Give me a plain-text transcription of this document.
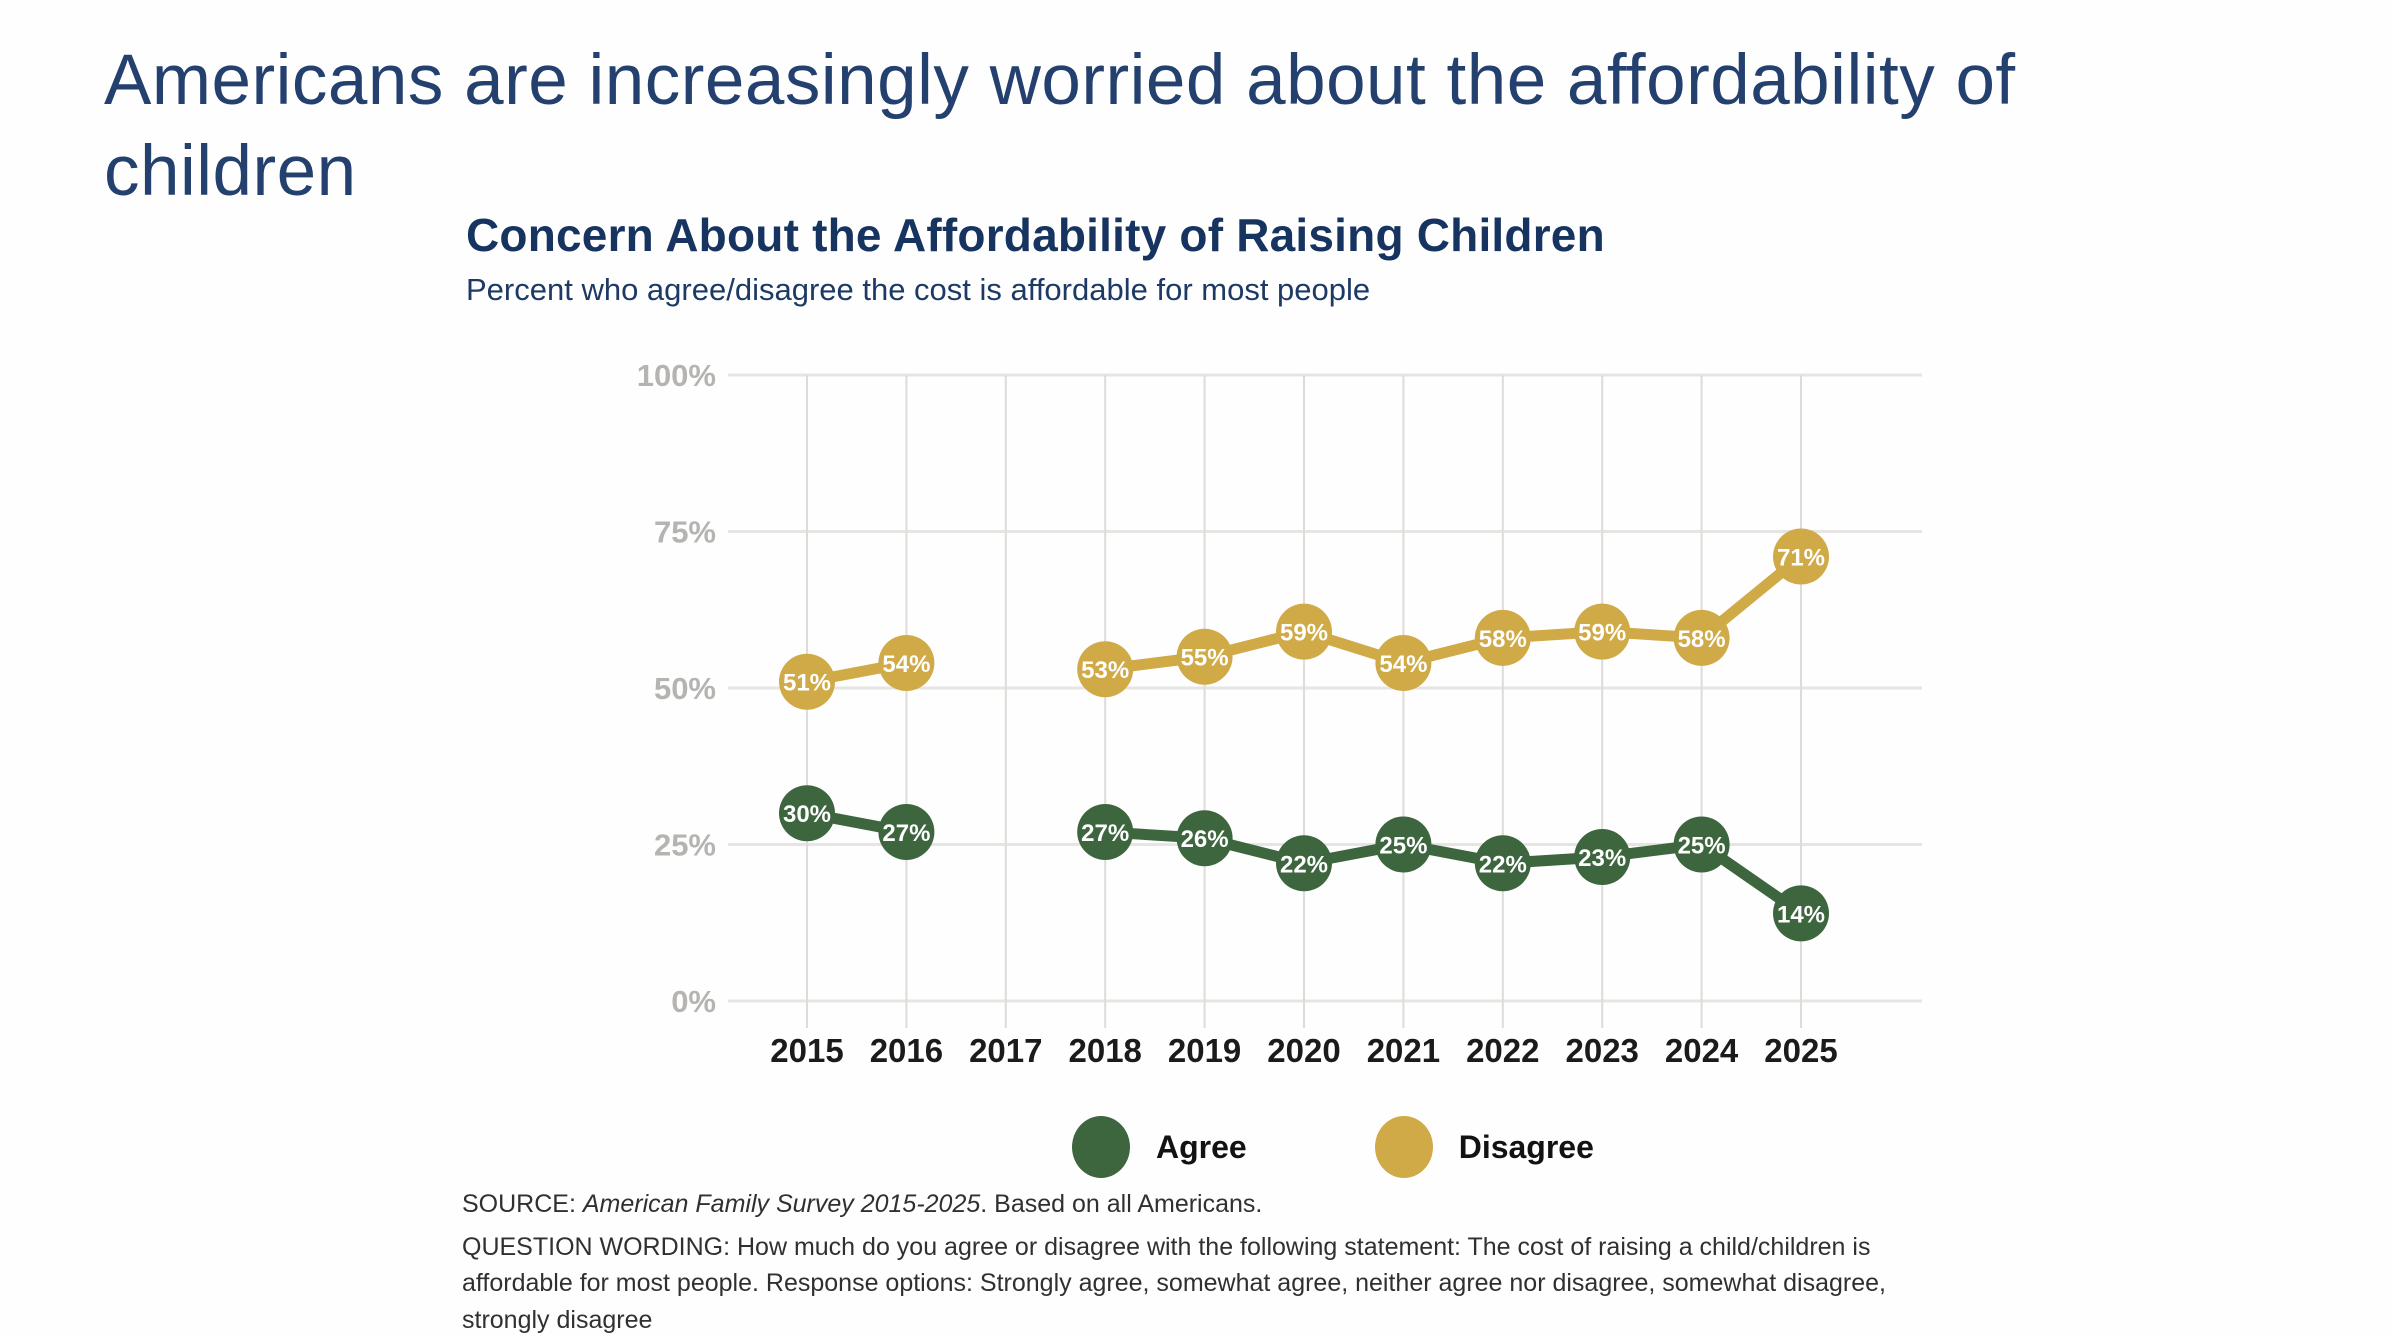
Americans are increasingly worried about the affordability of
children
Concern About the Affordability of Raising Children
Percent who agree/disagree the cost is affordable for most people
0%
25%
50%
75%
100%
2015 2016 2017 2018 2019 2020 2021 2022 2023 2024 2025
30%
27%	27% 26%
22%
25%
22% 23% 25%
14%
51%
54%	53% 55%
59%
54%
58% 59% 58%
71%
Agree	Disagree

SOURCE: American Family Survey 2015-2025. Based on all Americans.

QUESTION WORDING: How much do you agree or disagree with the following statement: The cost of raising a child/children is affordable for most people. Response options: Strongly agree, somewhat agree, neither agree nor disagree, somewhat disagree, strongly disagree
